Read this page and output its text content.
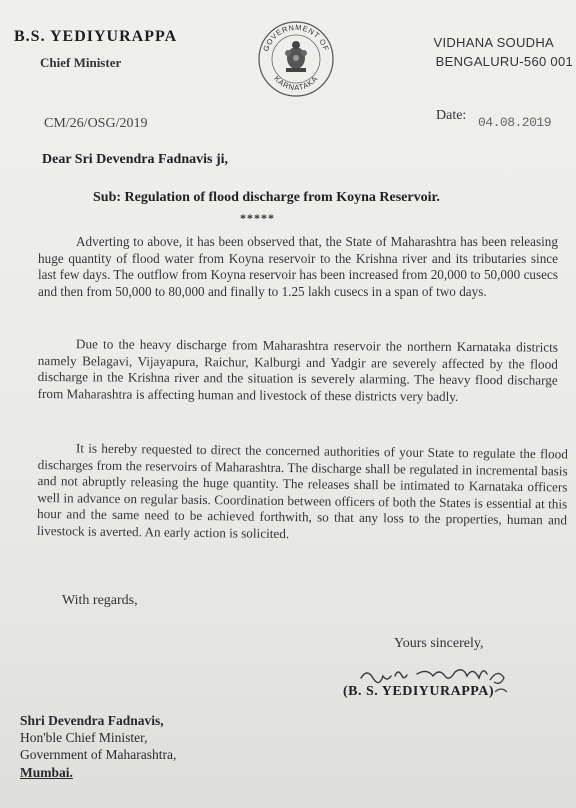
B.S. YEDIYURAPPA
Chief Minister
GOVERNMENT OF
KARNATAKA
VIDHANA SOUDHA
BENGALURU-560 001
CM/26/OSG/2019
Date: 04.08.2019
Dear Sri Devendra Fadnavis ji,
Sub: Regulation of flood discharge from Koyna Reservoir.
*****

Adverting to above, it has been observed that, the State of Maharashtra has been releasing huge quantity of flood water from Koyna reservoir to the Krishna river and its tributaries since last few days. The outflow from Koyna reservoir has been increased from 20,000 to 50,000 cusecs and then from 50,000 to 80,000 and finally to 1.25 lakh cusecs in a span of two days.

Due to the heavy discharge from Maharashtra reservoir the northern Karnataka districts namely Belagavi, Vijayapura, Raichur, Kalburgi and Yadgir are severely affected by the flood discharge in the Krishna river and the situation is severely alarming. The heavy flood discharge from Maharashtra is affecting human and livestock of these districts very badly.

It is hereby requested to direct the concerned authorities of your State to regulate the flood discharges from the reservoirs of Maharashtra. The discharge shall be regulated in incremental basis and not abruptly releasing the huge quantity. The releases shall be intimated to Karnataka officers well in advance on regular basis. Coordination between officers of both the States is essential at this hour and the same need to be achieved forthwith, so that any loss to the properties, human and livestock is averted. An early action is solicited.

With regards,
Yours sincerely,
(B. S. YEDIYURAPPA)
Shri Devendra Fadnavis,
Hon'ble Chief Minister,
Government of Maharashtra,
Mumbai.
